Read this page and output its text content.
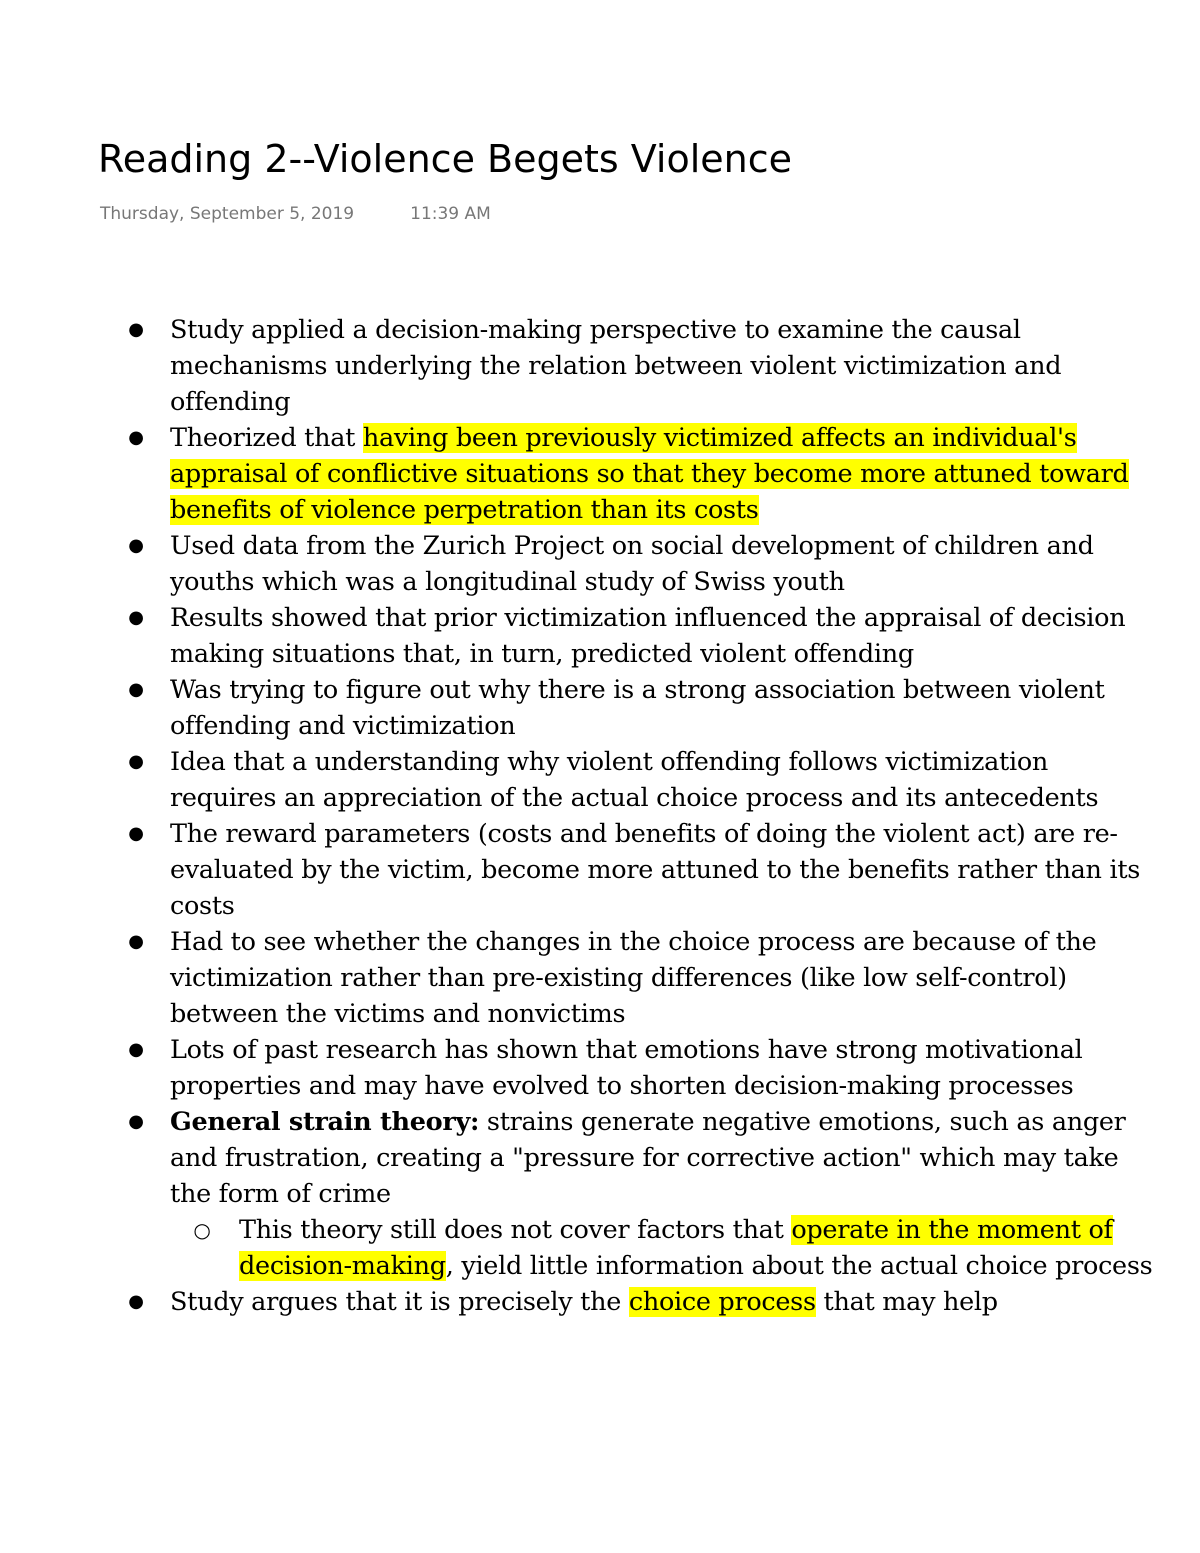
Reading 2--Violence Begets Violence
Thursday, September 5, 2019	11:39 AM
● Study applied a decision-making perspective to examine the causal mechanisms underlying the relation between violent victimization and offending
● Theorized that having been previously victimized affects an individual's appraisal of conflictive situations so that they become more attuned toward benefits of violence perpetration than its costs
● Used data from the Zurich Project on social development of children and youths which was a longitudinal study of Swiss youth
● Results showed that prior victimization influenced the appraisal of decision making situations that, in turn, predicted violent offending
● Was trying to figure out why there is a strong association between violent offending and victimization
● Idea that a understanding why violent offending follows victimization requires an appreciation of the actual choice process and its antecedents
● The reward parameters (costs and benefits of doing the violent act) are re-evaluated by the victim, become more attuned to the benefits rather than its costs
● Had to see whether the changes in the choice process are because of the victimization rather than pre-existing differences (like low self-control) between the victims and nonvictims
● Lots of past research has shown that emotions have strong motivational properties and may have evolved to shorten decision-making processes
● General strain theory: strains generate negative emotions, such as anger and frustration, creating a "pressure for corrective action" which may take the form of crime
○ This theory still does not cover factors that operate in the moment of decision-making, yield little information about the actual choice process
● Study argues that it is precisely the choice process that may help
